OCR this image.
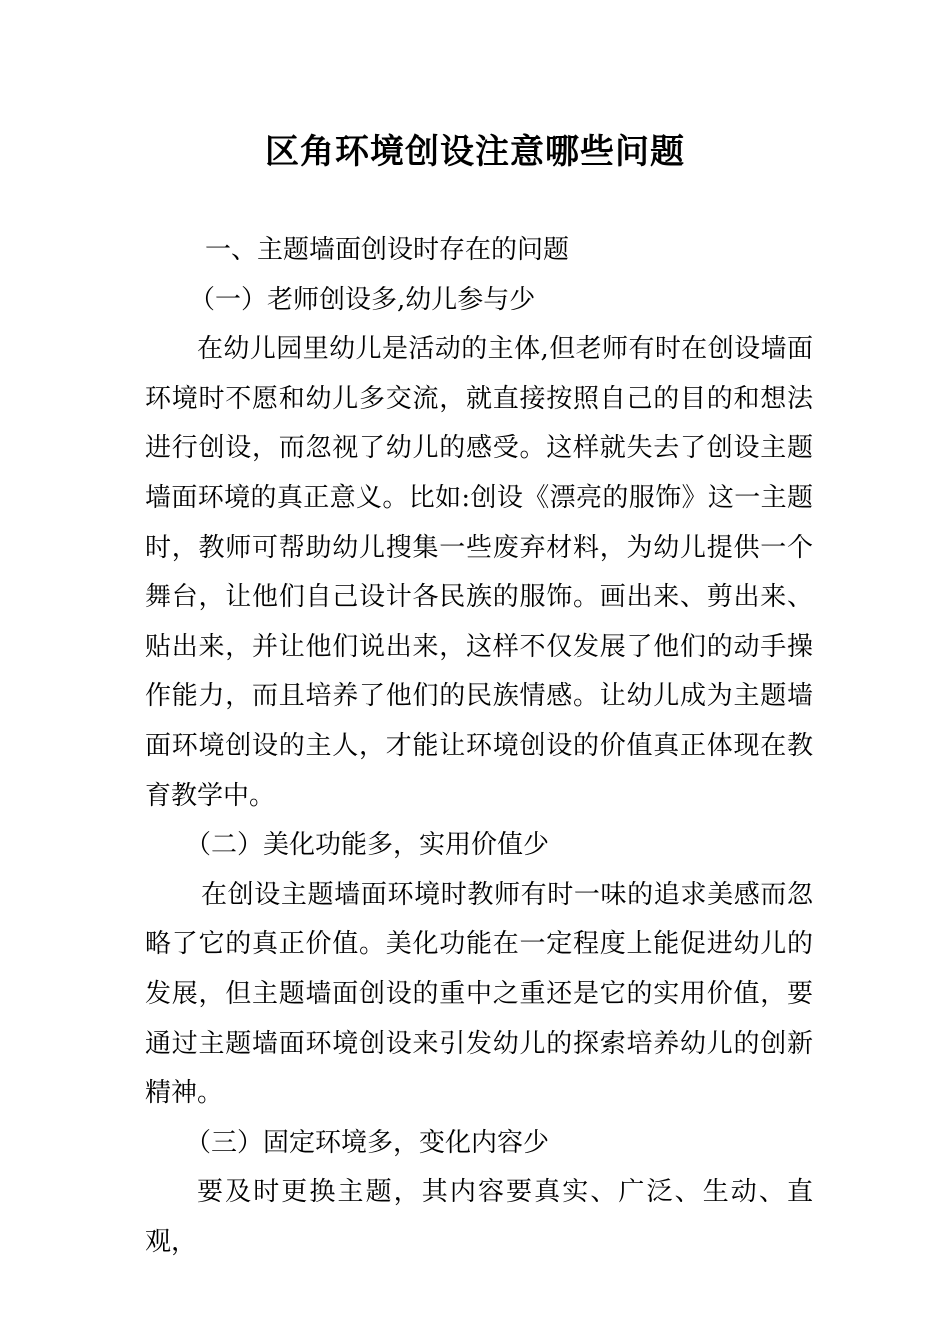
区角环境创设注意哪些问题

一、主题墙面创设时存在的问题

（一）老师创设多,幼儿参与少

在幼儿园里幼儿是活动的主体,但老师有时在创设墙面环境时不愿和幼儿多交流，就直接按照自己的目的和想法进行创设，而忽视了幼儿的感受。这样就失去了创设主题墙面环境的真正意义。比如:创设《漂亮的服饰》这一主题时，教师可帮助幼儿搜集一些废弃材料，为幼儿提供一个舞台，让他们自己设计各民族的服饰。画出来、剪出来、贴出来，并让他们说出来，这样不仅发展了他们的动手操作能力，而且培养了他们的民族情感。让幼儿成为主题墙面环境创设的主人，才能让环境创设的价值真正体现在教育教学中。

（二）美化功能多，实用价值少

在创设主题墙面环境时教师有时一味的追求美感而忽略了它的真正价值。美化功能在一定程度上能促进幼儿的发展，但主题墙面创设的重中之重还是它的实用价值，要通过主题墙面环境创设来引发幼儿的探索培养幼儿的创新精神。

（三）固定环境多，变化内容少

要及时更换主题，其内容要真实、广泛、生动、直观，
